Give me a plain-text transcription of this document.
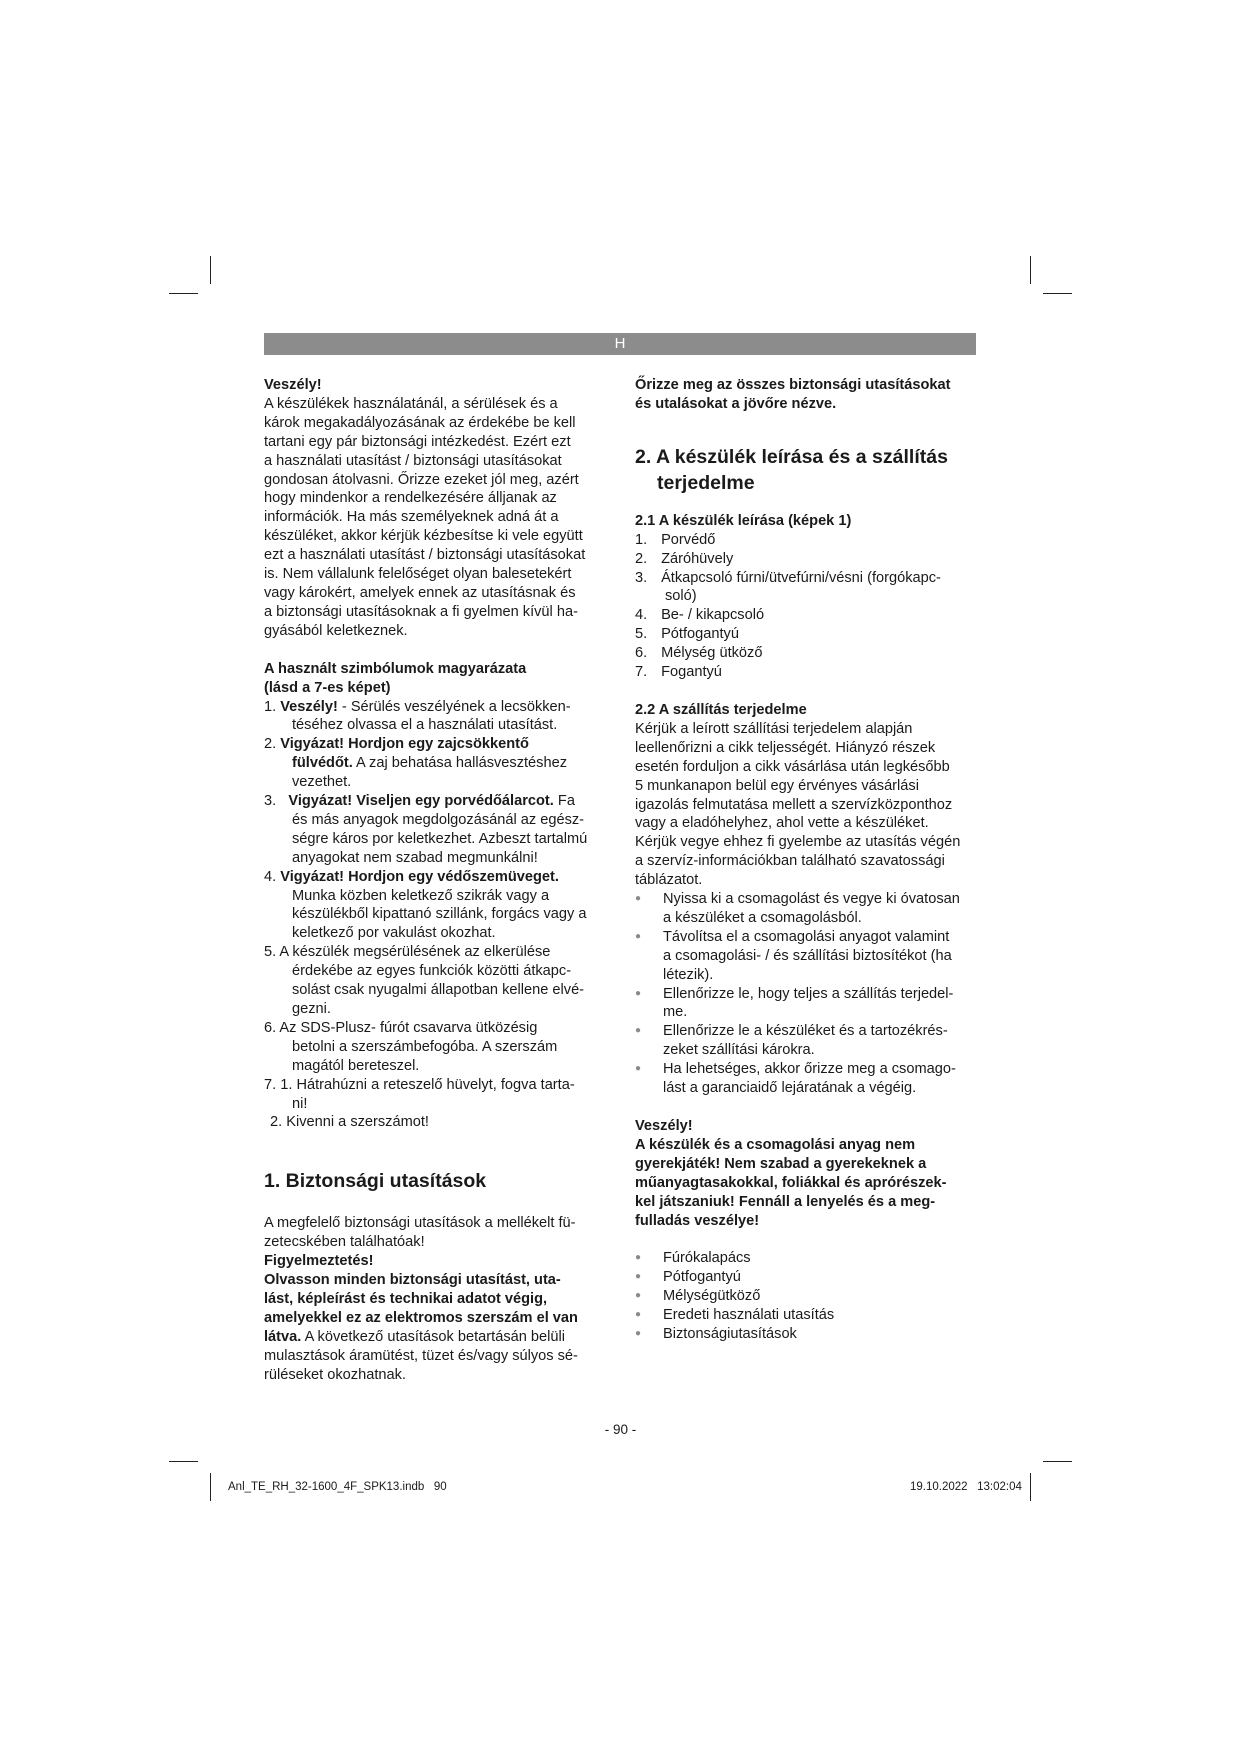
H

Veszély!

A készülékek használatánál, a sérülések és a

károk megakadályozásának az érdekébe be kell

tartani egy pár biztonsági intézkedést. Ezért ezt

a használati utasítást / biztonsági utasításokat

gondosan átolvasni. Őrizze ezeket jól meg, azért

hogy mindenkor a rendelkezésére álljanak az

információk. Ha más személyeknek adná át a

készüléket, akkor kérjük kézbesítse ki vele együtt

ezt a használati utasítást / biztonsági utasításokat

is. Nem vállalunk felelőséget olyan balesetekért

vagy károkért, amelyek ennek az utasításnak és

a biztonsági utasításoknak a fi gyelmen kívül ha-

gyásából keletkeznek.

A használt szimbólumok magyarázata

(lásd a 7-es képet)

1. Veszély! - Sérülés veszélyének a lecsökken-

téséhez olvassa el a használati utasítást.

2. Vigyázat! Hordjon egy zajcsökkentő

fülvédőt. A zaj behatása hallásvesztéshez

vezethet.

3. Vigyázat! Viseljen egy porvédőálarcot. Fa

és más anyagok megdolgozásánál az egész-

ségre káros por keletkezhet. Azbeszt tartalmú

anyagokat nem szabad megmunkálni!

4. Vigyázat! Hordjon egy védőszemüveget.

Munka közben keletkező szikrák vagy a

készülékből kipattanó szillánk, forgács vagy a

keletkező por vakulást okozhat.

5. A készülék megsérülésének az elkerülése

érdekébe az egyes funkciók közötti átkapc-

solást csak nyugalmi állapotban kellene elvé-

gezni.

6. Az SDS-Plusz- fúrót csavarva ütközésig

betolni a szerszámbefogóba. A szerszám

magától bereteszel.

7. 1. Hátrahúzni a reteszelő hüvelyt, fogva tarta-

ni!

2. Kivenni a szerszámot!

1. Biztonsági utasítások

A megfelelő biztonsági utasítások a mellékelt fü-

zetecskében találhatóak!

Figyelmeztetés!

Olvasson minden biztonsági utasítást, uta-

lást, képleírást és technikai adatot végig,

amelyekkel ez az elektromos szerszám el van

látva. A következő utasítások betartásán belüli

mulasztások áramütést, tüzet és/vagy súlyos sé-

rüléseket okozhatnak.

Őrizze meg az összes biztonsági utasításokat

és utalásokat a jövőre nézve.

2. A készülék leírása és a szállítás

terjedelme

2.1 A készülék leírása (képek 1)

1. Porvédő

2. Záróhüvely

3. Átkapcsoló fúrni/ütvefúrni/vésni (forgókapc-

soló)

4. Be- / kikapcsoló

5. Pótfogantyú

6. Mélység ütköző

7. Fogantyú

2.2 A szállítás terjedelme

Kérjük a leírott szállítási terjedelem alapján

leellenőrizni a cikk teljességét. Hiányzó részek

esetén forduljon a cikk vásárlása után legkésőbb

5 munkanapon belül egy érvényes vásárlási

igazolás felmutatása mellett a szervízközponthoz

vagy a eladóhelyhez, ahol vette a készüléket.

Kérjük vegye ehhez fi gyelembe az utasítás végén

a szervíz-információkban található szavatossági

táblázatot.

● Nyissa ki a csomagolást és vegye ki óvatosan

a készüléket a csomagolásból.

● Távolítsa el a csomagolási anyagot valamint

a csomagolási- / és szállítási biztosítékot (ha

létezik).

● Ellenőrizze le, hogy teljes a szállítás terjedel-

me.

● Ellenőrizze le a készüléket és a tartozékrés-

zeket szállítási károkra.

● Ha lehetséges, akkor őrizze meg a csomago-

lást a garanciaidő lejáratának a végéig.

Veszély!

A készülék és a csomagolási anyag nem

gyerekjáték! Nem szabad a gyerekeknek a

műanyagtasakokkal, foliákkal és aprórészek-

kel játszaniuk! Fennáll a lenyelés és a meg-

fulladás veszélye!

● Fúrókalapács

● Pótfogantyú

● Mélységütköző

● Eredeti használati utasítás

● Biztonságiutasítások

- 90 -
Anl_TE_RH_32-1600_4F_SPK13.indb   90	19.10.2022   13:02:04
